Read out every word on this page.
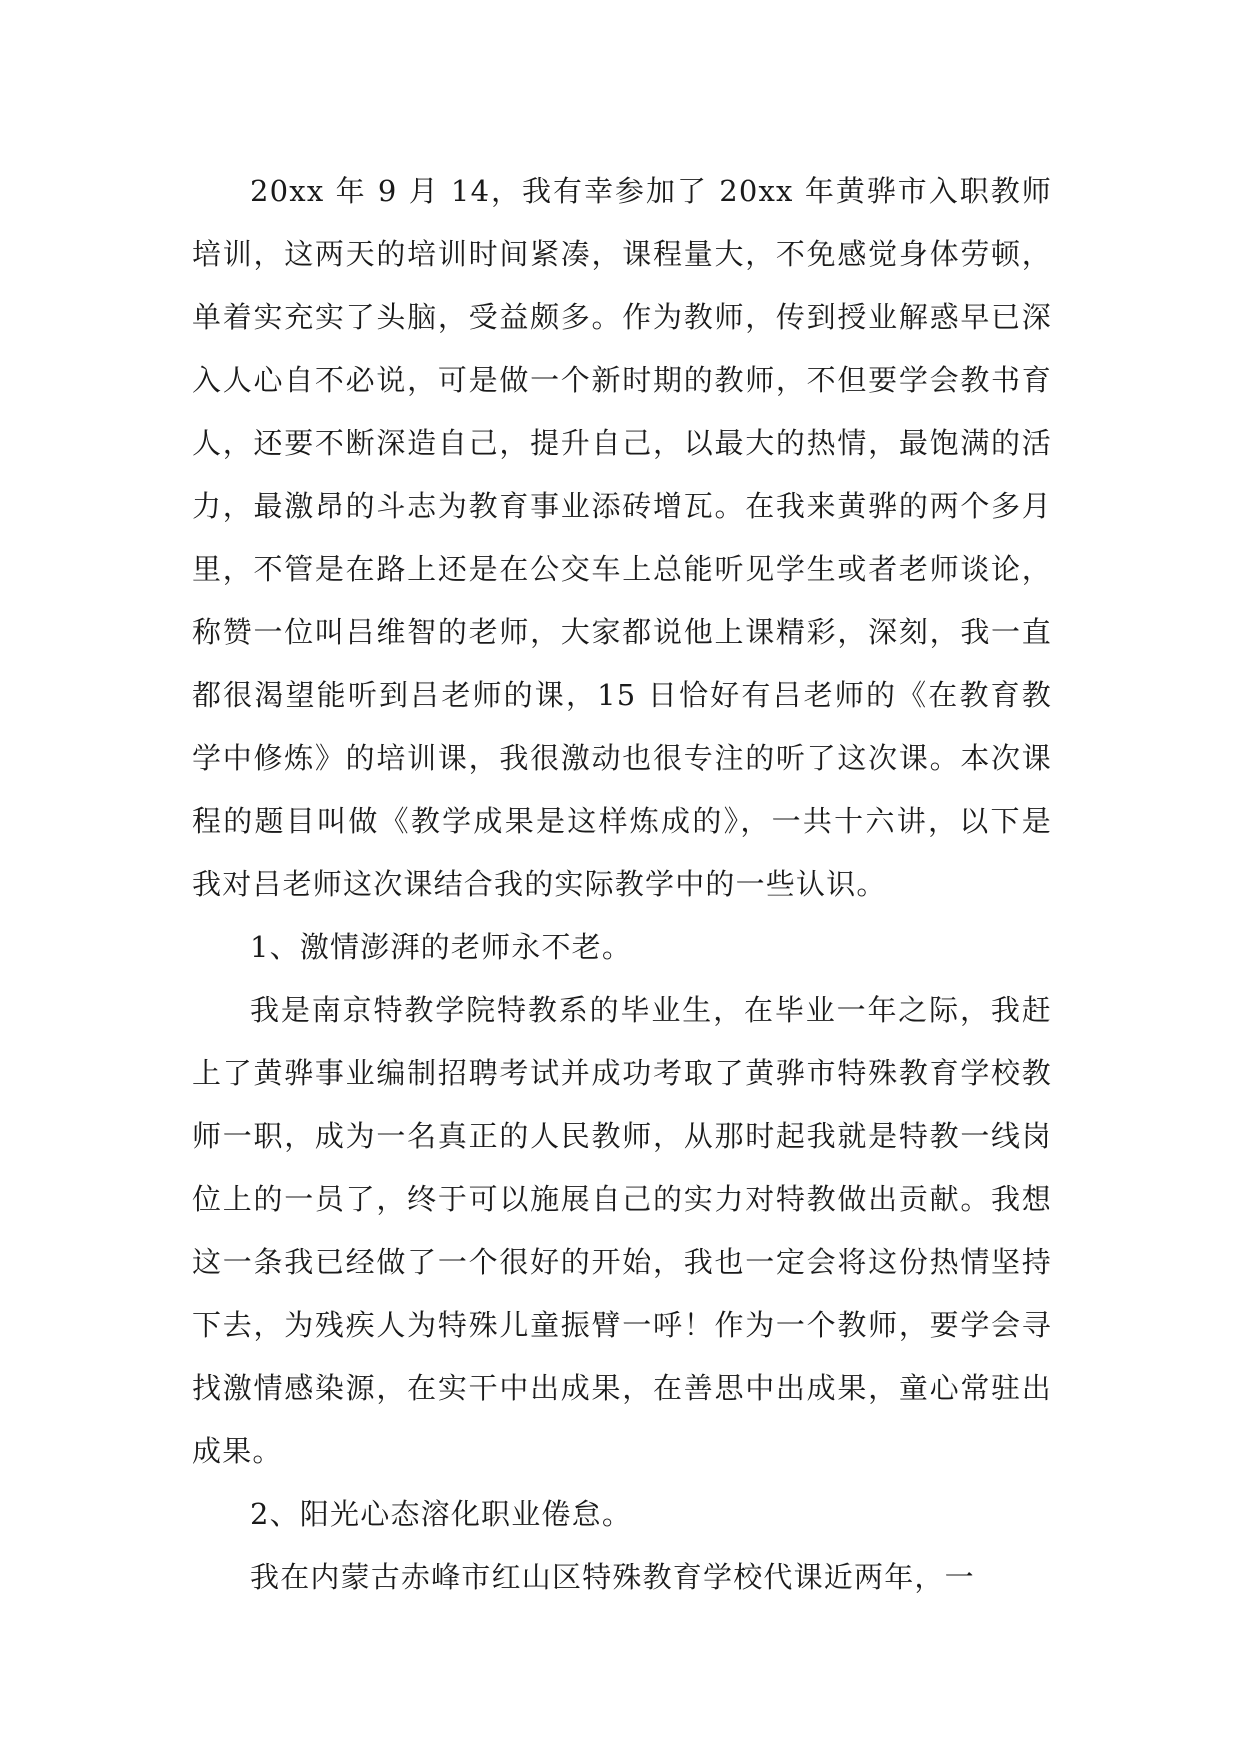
20xx 年 9 月 14，我有幸参加了 20xx 年黄骅市入职教师培训，这两天的培训时间紧凑，课程量大，不免感觉身体劳顿，单着实充实了头脑，受益颇多。作为教师，传到授业解惑早已深入人心自不必说，可是做一个新时期的教师，不但要学会教书育人，还要不断深造自己，提升自己，以最大的热情，最饱满的活力，最激昂的斗志为教育事业添砖增瓦。在我来黄骅的两个多月里，不管是在路上还是在公交车上总能听见学生或者老师谈论，称赞一位叫吕维智的老师，大家都说他上课精彩，深刻，我一直都很渴望能听到吕老师的课，15 日恰好有吕老师的《在教育教学中修炼》的培训课，我很激动也很专注的听了这次课。本次课程的题目叫做《教学成果是这样炼成的》，一共十六讲，以下是我对吕老师这次课结合我的实际教学中的一些认识。

1、激情澎湃的老师永不老。

我是南京特教学院特教系的毕业生，在毕业一年之际，我赶上了黄骅事业编制招聘考试并成功考取了黄骅市特殊教育学校教师一职，成为一名真正的人民教师，从那时起我就是特教一线岗位上的一员了，终于可以施展自己的实力对特教做出贡献。我想这一条我已经做了一个很好的开始，我也一定会将这份热情坚持下去，为残疾人为特殊儿童振臂一呼！作为一个教师，要学会寻找激情感染源，在实干中出成果，在善思中出成果，童心常驻出成果。

2、阳光心态溶化职业倦怠。

我在内蒙古赤峰市红山区特殊教育学校代课近两年，一
